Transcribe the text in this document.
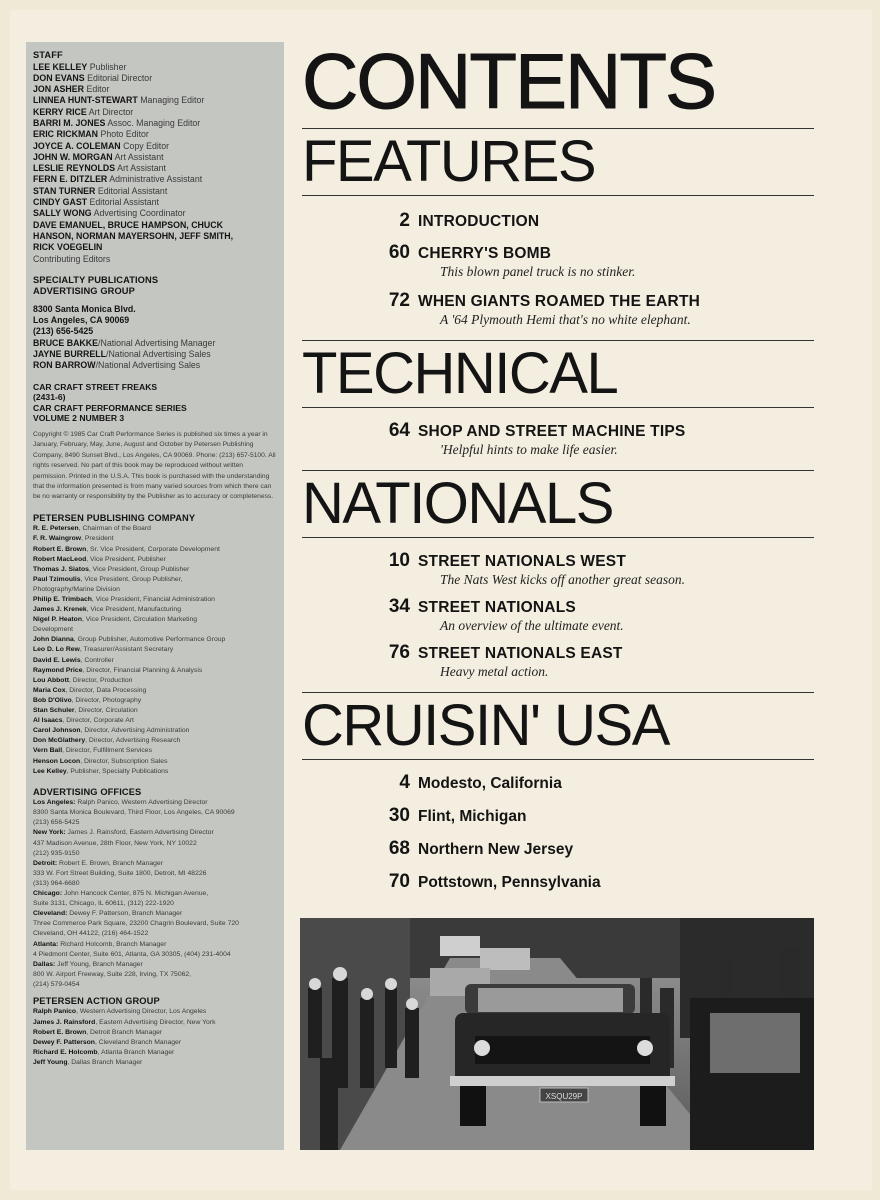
STAFF

LEE KELLEY Publisher

DON EVANS Editorial Director

JON ASHER Editor

LINNEA HUNT-STEWART Managing Editor

KERRY RICE Art Director

BARRI M. JONES Assoc. Managing Editor

ERIC RICKMAN Photo Editor

JOYCE A. COLEMAN Copy Editor

JOHN W. MORGAN Art Assistant

LESLIE REYNOLDS Art Assistant

FERN E. DITZLER Administrative Assistant

STAN TURNER Editorial Assistant

CINDY GAST Editorial Assistant

SALLY WONG Advertising Coordinator

DAVE EMANUEL, BRUCE HAMPSON, CHUCK

HANSON, NORMAN MAYERSOHN, JEFF SMITH,

RICK VOEGELIN

Contributing Editors

SPECIALTY PUBLICATIONS

ADVERTISING GROUP

8300 Santa Monica Blvd.

Los Angeles, CA 90069

(213) 656-5425

BRUCE BAKKE/National Advertising Manager

JAYNE BURRELL/National Advertising Sales

RON BARROW/National Advertising Sales

CAR CRAFT STREET FREAKS

(2431-6)

CAR CRAFT PERFORMANCE SERIES

VOLUME 2 NUMBER 3

Copyright © 1985 Car Craft Performance Series is published six times a year in January, February, May, June, August and October by Petersen Publishing Company, 8490 Sunset Blvd., Los Angeles, CA 90069. Phone: (213) 657-5100. All rights reserved. No part of this book may be reproduced without written permission. Printed in the U.S.A. This book is purchased with the understanding that the information presented is from many varied sources from which there can be no warranty or responsibility by the Publisher as to accuracy or completeness.

PETERSEN PUBLISHING COMPANY

R. E. Petersen, Chairman of the Board

F. R. Waingrow, President

Robert E. Brown, Sr. Vice President, Corporate Development

Robert MacLeod, Vice President, Publisher

Thomas J. Siatos, Vice President, Group Publisher

Paul Tzimoulis, Vice President, Group Publisher,

Photography/Marine Division

Philip E. Trimbach, Vice President, Financial Administration

James J. Krenek, Vice President, Manufacturing

Nigel P. Heaton, Vice President, Circulation Marketing

Development

John Dianna, Group Publisher, Automotive Performance Group

Leo D. Lo Rew, Treasurer/Assistant Secretary

David E. Lewis, Controller

Raymond Price, Director, Financial Planning & Analysis

Lou Abbott, Director, Production

Maria Cox, Director, Data Processing

Bob D'Olivo, Director, Photography

Stan Schuler, Director, Circulation

Al Isaacs, Director, Corporate Art

Carol Johnson, Director, Advertising Administration

Don McGlathery, Director, Advertising Research

Vern Ball, Director, Fulfillment Services

Henson Locon, Director, Subscription Sales

Lee Kelley, Publisher, Specialty Publications

ADVERTISING OFFICES

Los Angeles: Ralph Panico, Western Advertising Director

8300 Santa Monica Boulevard, Third Floor, Los Angeles, CA 90069

(213) 656-5425

New York: James J. Rainsford, Eastern Advertising Director

437 Madison Avenue, 28th Floor, New York, NY 10022

(212) 935-9150

Detroit: Robert E. Brown, Branch Manager

333 W. Fort Street Building, Suite 1800, Detroit, MI 48226

(313) 964-6680

Chicago: John Hancock Center, 875 N. Michigan Avenue,

Suite 3131, Chicago, IL 60611, (312) 222-1920

Cleveland: Dewey F. Patterson, Branch Manager

Three Commerce Park Square, 23200 Chagrin Boulevard, Suite 720

Cleveland, OH 44122, (216) 464-1522

Atlanta: Richard Holcomb, Branch Manager

4 Piedmont Center, Suite 601, Atlanta, GA 30305, (404) 231-4004

Dallas: Jeff Young, Branch Manager

800 W. Airport Freeway, Suite 228, Irving, TX 75062,

(214) 579-0454

PETERSEN ACTION GROUP

Ralph Panico, Western Advertising Director, Los Angeles

James J. Rainsford, Eastern Advertising Director, New York

Robert E. Brown, Detroit Branch Manager

Dewey F. Patterson, Cleveland Branch Manager

Richard E. Holcomb, Atlanta Branch Manager

Jeff Young, Dallas Branch Manager

CONTENTS
FEATURES
2 INTRODUCTION
60 CHERRY'S BOMB
This blown panel truck is no stinker.
72 WHEN GIANTS ROAMED THE EARTH
A '64 Plymouth Hemi that's no white elephant.
TECHNICAL
64 SHOP AND STREET MACHINE TIPS
'Helpful hints to make life easier.
NATIONALS
10 STREET NATIONALS WEST
The Nats West kicks off another great season.
34 STREET NATIONALS
An overview of the ultimate event.
76 STREET NATIONALS EAST
Heavy metal action.
CRUISIN' USA
4 Modesto, California
30 Flint, Michigan
68 Northern New Jersey
70 Pottstown, Pennsylvania
XSQU29P
